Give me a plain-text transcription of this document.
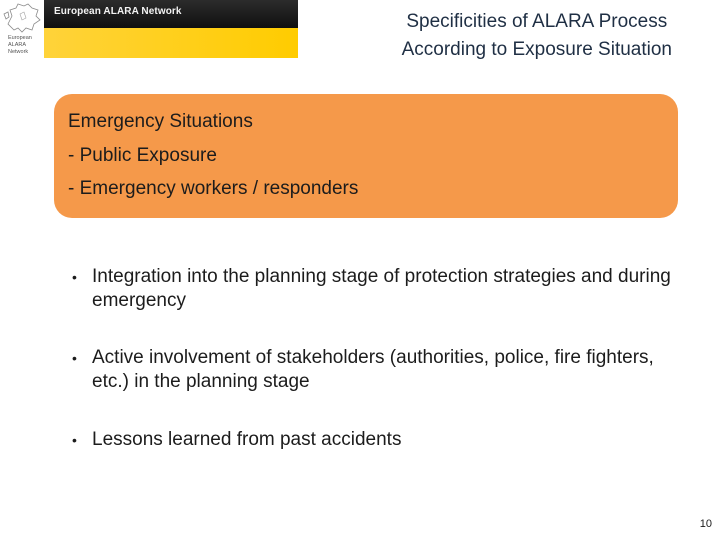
European
ALARA
Network
European ALARA Network	Specificities of ALARA Process
According to Exposure Situation
Emergency Situations
- Public Exposure
- Emergency workers / responders
• Integration into the planning stage of protection strategies and during emergency
• Active involvement of stakeholders (authorities, police, fire fighters, etc.) in the planning stage
• Lessons learned from past accidents
10
